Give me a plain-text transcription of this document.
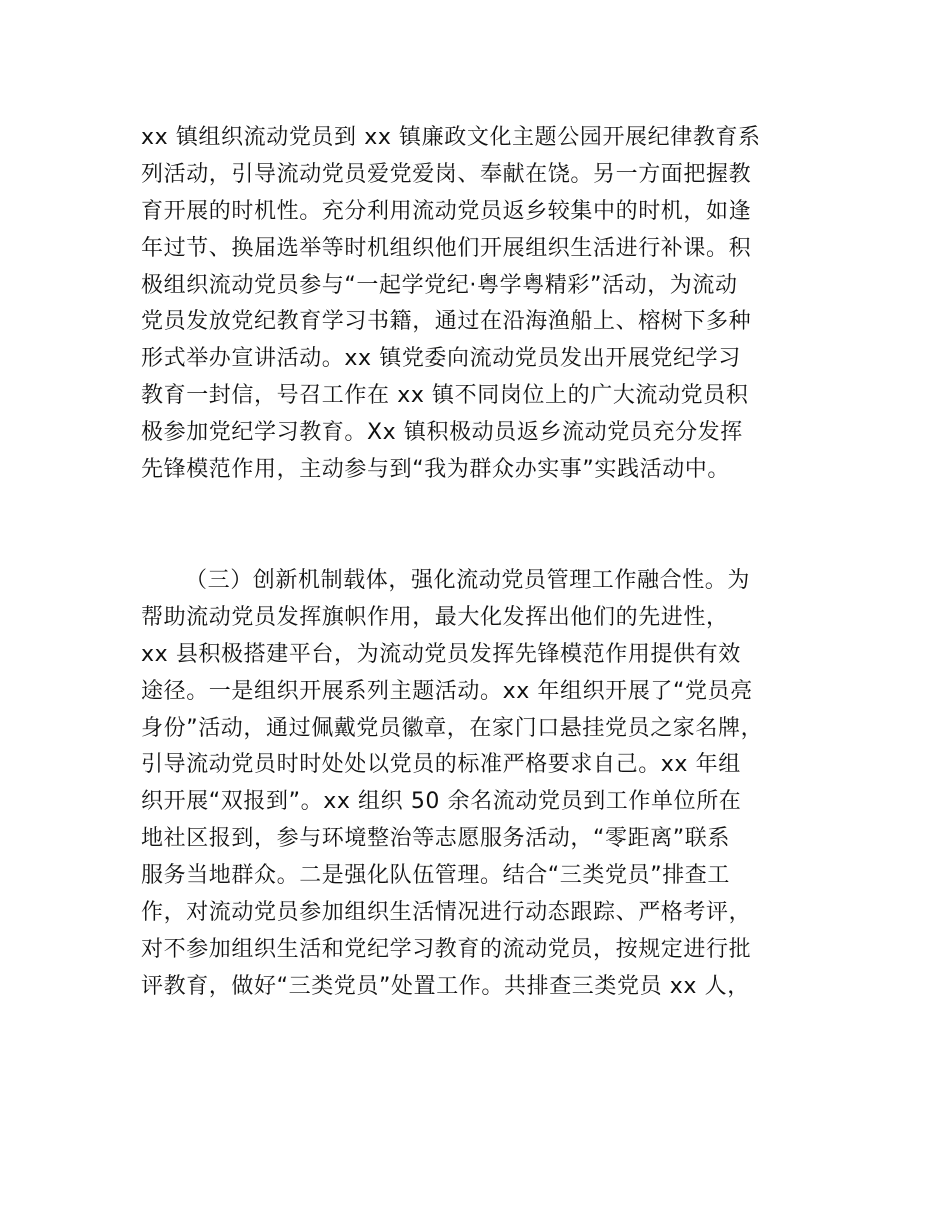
xx 镇组织流动党员到 xx 镇廉政文化主题公园开展纪律教育系
列活动，引导流动党员爱党爱岗、奉献在饶。另一方面把握教
育开展的时机性。充分利用流动党员返乡较集中的时机，如逢
年过节、换届选举等时机组织他们开展组织生活进行补课。积
极组织流动党员参与“一起学党纪·粤学粤精彩”活动，为流动
党员发放党纪教育学习书籍，通过在沿海渔船上、榕树下多种
形式举办宣讲活动。xx 镇党委向流动党员发出开展党纪学习
教育一封信，号召工作在 xx 镇不同岗位上的广大流动党员积
极参加党纪学习教育。Xx 镇积极动员返乡流动党员充分发挥
先锋模范作用，主动参与到“我为群众办实事”实践活动中。
（三）创新机制载体，强化流动党员管理工作融合性。为
帮助流动党员发挥旗帜作用，最大化发挥出他们的先进性，
xx 县积极搭建平台，为流动党员发挥先锋模范作用提供有效
途径。一是组织开展系列主题活动。xx 年组织开展了“党员亮
身份”活动，通过佩戴党员徽章，在家门口悬挂党员之家名牌，
引导流动党员时时处处以党员的标准严格要求自己。xx 年组
织开展“双报到”。xx 组织 50 余名流动党员到工作单位所在
地社区报到，参与环境整治等志愿服务活动，“零距离”联系
服务当地群众。二是强化队伍管理。结合“三类党员”排查工
作，对流动党员参加组织生活情况进行动态跟踪、严格考评，
对不参加组织生活和党纪学习教育的流动党员，按规定进行批
评教育，做好“三类党员”处置工作。共排查三类党员 xx 人，
